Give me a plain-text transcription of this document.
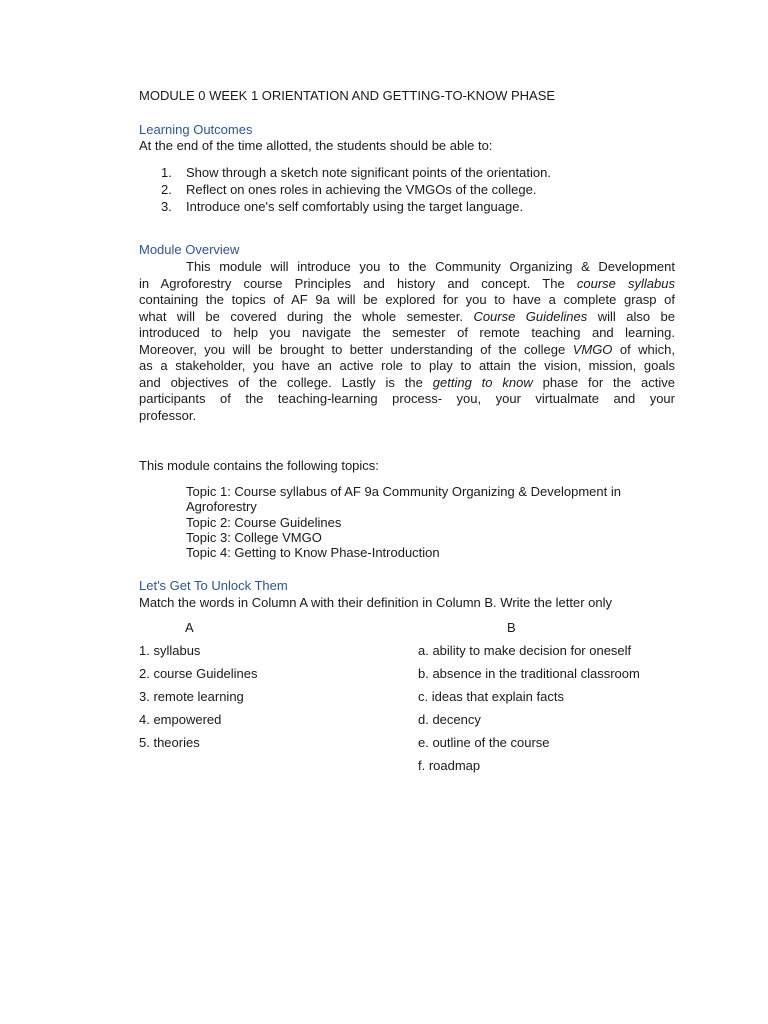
MODULE 0 WEEK 1 ORIENTATION AND GETTING-TO-KNOW PHASE
Learning Outcomes
At the end of the time allotted, the students should be able to:
1. Show through a sketch note significant points of the orientation.
2. Reflect on ones roles in achieving the VMGOs of the college.
3. Introduce one's self comfortably using the target language.
Module Overview
This module will introduce you to the Community Organizing & Development
in Agroforestry course Principles and history and concept. The course syllabus
containing the topics of AF 9a will be explored for you to have a complete grasp of
what will be covered during the whole semester. Course Guidelines will also be
introduced to help you navigate the semester of remote teaching and learning.
Moreover, you will be brought to better understanding of the college VMGO of which,
as a stakeholder, you have an active role to play to attain the vision, mission, goals
and objectives of the college. Lastly is the getting to know phase for the active
participants of the teaching-learning process- you, your virtualmate and your
professor.
This module contains the following topics:
Topic 1: Course syllabus of AF 9a Community Organizing & Development in Agroforestry
Topic 2: Course Guidelines
Topic 3: College VMGO
Topic 4: Getting to Know Phase-Introduction
Let's Get To Unlock Them
Match the words in Column A with their definition in Column B. Write the letter only
A	B
1. syllabus
2. course Guidelines
3. remote learning
4. empowered
5. theories
a. ability to make decision for oneself
b. absence in the traditional classroom
c. ideas that explain facts
d. decency
e. outline of the course
f. roadmap
